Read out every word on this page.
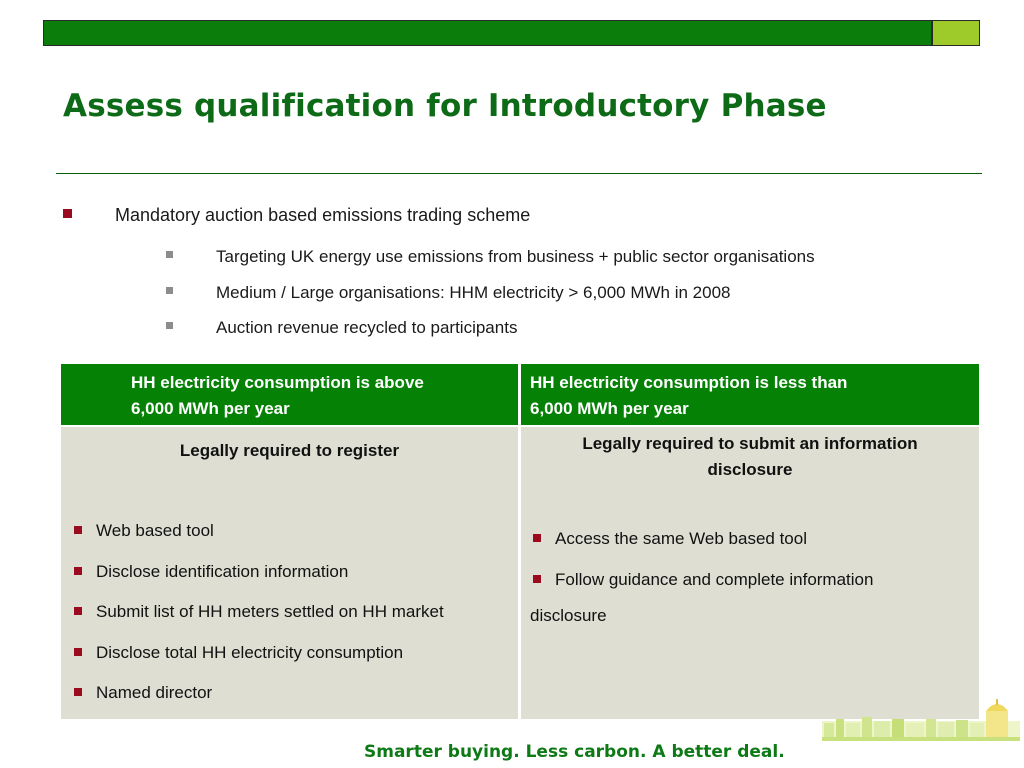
Assess qualification for Introductory Phase
Mandatory auction based emissions trading scheme
Targeting UK energy use emissions from business + public sector organisations
Medium / Large organisations: HHM electricity > 6,000 MWh in 2008
Auction revenue recycled to participants
HH electricity consumption is above
6,000 MWh per year
HH electricity consumption is less than
6,000 MWh per year
Legally required to register
Web based tool
Disclose identification information
Submit list of HH meters settled on HH market
Disclose total HH electricity consumption
Named director
Legally required to submit an information
disclosure
Access the same Web based tool
Follow guidance and complete information
disclosure
Smarter buying. Less carbon. A better deal.
